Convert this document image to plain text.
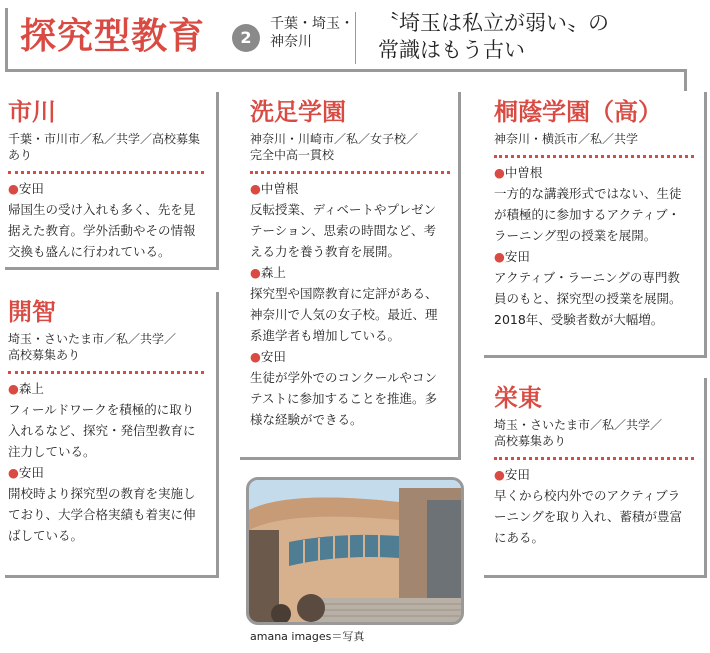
探究型教育	2
千葉・埼玉・
神奈川
〝埼玉は私立が弱い〟の
常識はもう古い
市川
千葉・市川市／私／共学／高校募集あり
●安田
帰国生の受け入れも多く、先を見
据えた教育。学外活動やその情報
交換も盛んに行われている。
開智
埼玉・さいたま市／私／共学／
高校募集あり
●森上
フィールドワークを積極的に取り
入れるなど、探究・発信型教育に
注力している。
●安田
開校時より探究型の教育を実施し
ており、大学合格実績も着実に伸
ばしている。
洗足学園
神奈川・川崎市／私／女子校／
完全中高一貫校
●中曽根
反転授業、ディベートやプレゼン
テーション、思索の時間など、考
える力を養う教育を展開。
●森上
探究型や国際教育に定評がある、
神奈川で人気の女子校。最近、理
系進学者も増加している。
●安田
生徒が学外でのコンクールやコン
テストに参加することを推進。多
様な経験ができる。
桐蔭学園（高）
神奈川・横浜市／私／共学
●中曽根
一方的な講義形式ではない、生徒
が積極的に参加するアクティブ・
ラーニング型の授業を展開。
●安田
アクティブ・ラーニングの専門教
員のもと、探究型の授業を展開。
2018年、受験者数が大幅増。
栄東
埼玉・さいたま市／私／共学／
高校募集あり
●安田
早くから校内外でのアクティブラ
ーニングを取り入れ、蓄積が豊富
にある。
amana images＝写真
